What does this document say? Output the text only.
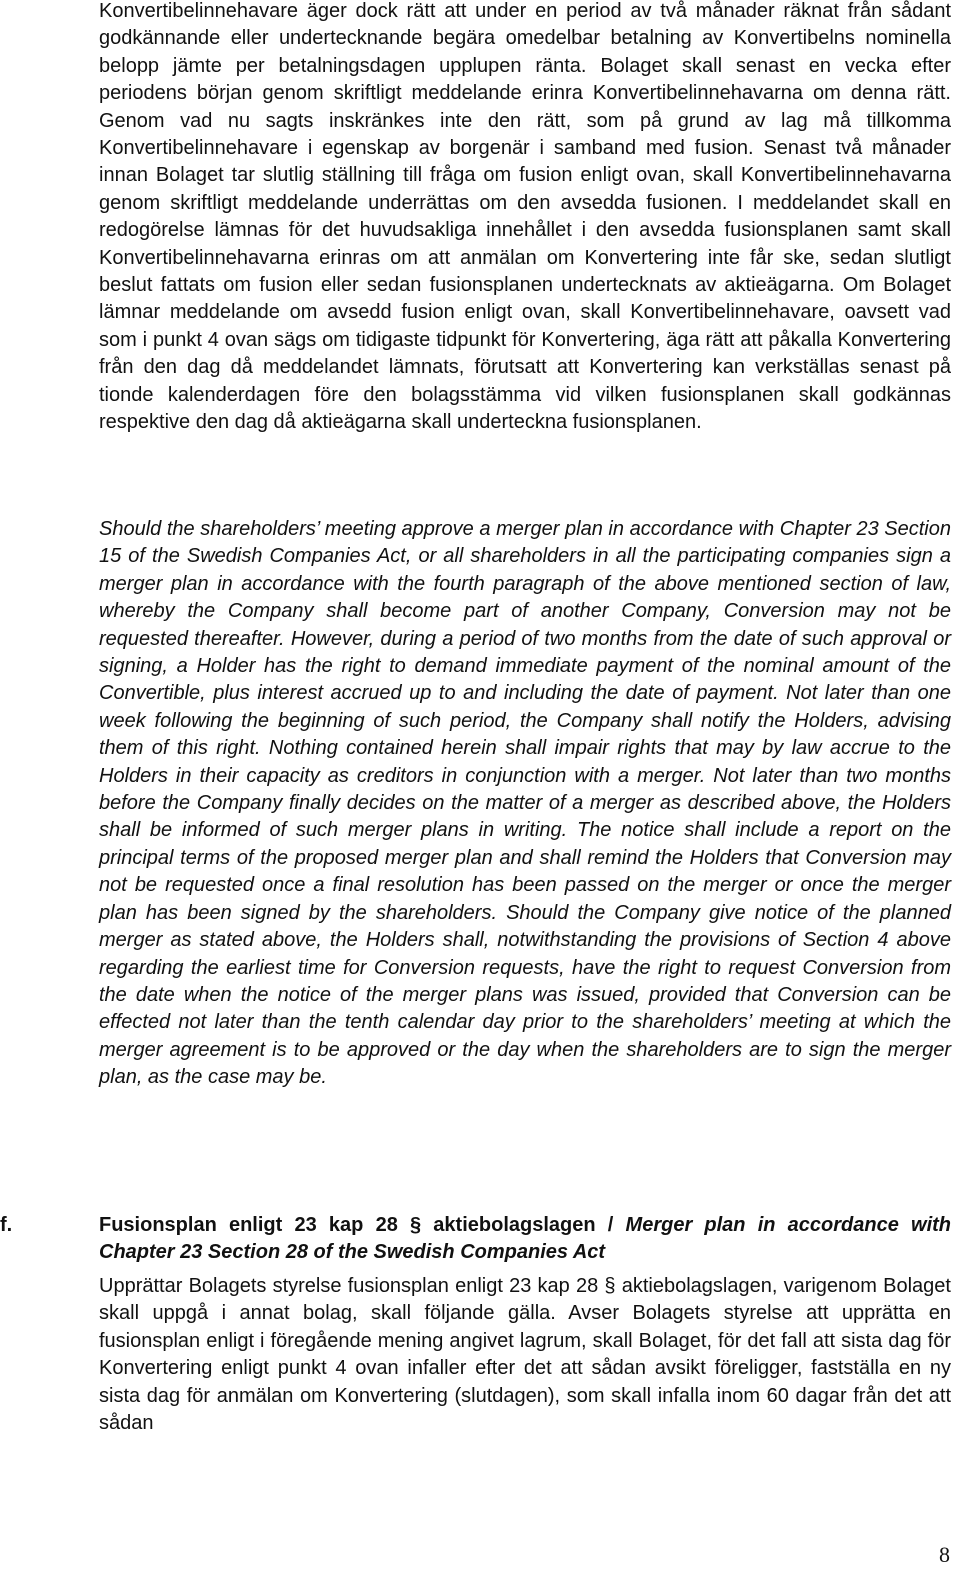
Konvertibelinnehavare äger dock rätt att under en period av två månader räknat från sådant godkännande eller undertecknande begära omedelbar betalning av Konvertibelns nominella belopp jämte per betalningsdagen upplupen ränta. Bolaget skall senast en vecka efter periodens början genom skriftligt meddelande erinra Konvertibelinnehavarna om denna rätt. Genom vad nu sagts inskränkes inte den rätt, som på grund av lag må tillkomma Konvertibelinnehavare i egenskap av borgenär i samband med fusion. Senast två månader innan Bolaget tar slutlig ställning till fråga om fusion enligt ovan, skall Konvertibelinnehavarna genom skriftligt meddelande underrättas om den avsedda fusionen. I meddelandet skall en redogörelse lämnas för det huvudsakliga innehållet i den avsedda fusionsplanen samt skall Konvertibelinnehavarna erinras om att anmälan om Konvertering inte får ske, sedan slutligt beslut fattats om fusion eller sedan fusionsplanen undertecknats av aktieägarna. Om Bolaget lämnar meddelande om avsedd fusion enligt ovan, skall Konvertibelinnehavare, oavsett vad som i punkt 4 ovan sägs om tidigaste tidpunkt för Konvertering, äga rätt att påkalla Konvertering från den dag då meddelandet lämnats, förutsatt att Konvertering kan verkställas senast på tionde kalenderdagen före den bolagsstämma vid vilken fusionsplanen skall godkännas respektive den dag då aktieägarna skall underteckna fusionsplanen.

Should the shareholders’ meeting approve a merger plan in accordance with Chapter 23 Section 15 of the Swedish Companies Act, or all shareholders in all the participating companies sign a merger plan in accordance with the fourth paragraph of the above mentioned section of law, whereby the Company shall become part of another Company, Conversion may not be requested thereafter. However, during a period of two months from the date of such approval or signing, a Holder has the right to demand immediate payment of the nominal amount of the Convertible, plus interest accrued up to and including the date of payment. Not later than one week following the beginning of such period, the Company shall notify the Holders, advising them of this right. Nothing contained herein shall impair rights that may by law accrue to the Holders in their capacity as creditors in conjunction with a merger. Not later than two months before the Company finally decides on the matter of a merger as described above, the Holders shall be informed of such merger plans in writing. The notice shall include a report on the principal terms of the proposed merger plan and shall remind the Holders that Conversion may not be requested once a final resolution has been passed on the merger or once the merger plan has been signed by the shareholders. Should the Company give notice of the planned merger as stated above, the Holders shall, notwithstanding the provisions of Section 4 above regarding the earliest time for Conversion requests, have the right to request Conversion from the date when the notice of the merger plans was issued, provided that Conversion can be effected not later than the tenth calendar day prior to the shareholders’ meeting at which the merger agreement is to be approved or the day when the shareholders are to sign the merger plan, as the case may be.

f.	Fusionsplan enligt 23 kap 28 § aktiebolagslagen / Merger plan in accordance with Chapter 23 Section 28 of the Swedish Companies Act

Upprättar Bolagets styrelse fusionsplan enligt 23 kap 28 § aktiebolagslagen, varigenom Bolaget skall uppgå i annat bolag, skall följande gälla. Avser Bolagets styrelse att upprätta en fusionsplan enligt i föregående mening angivet lagrum, skall Bolaget, för det fall att sista dag för Konvertering enligt punkt 4 ovan infaller efter det att sådan avsikt föreligger, fastställa en ny sista dag för anmälan om Konvertering (slutdagen), som skall infalla inom 60 dagar från det att sådan

8
